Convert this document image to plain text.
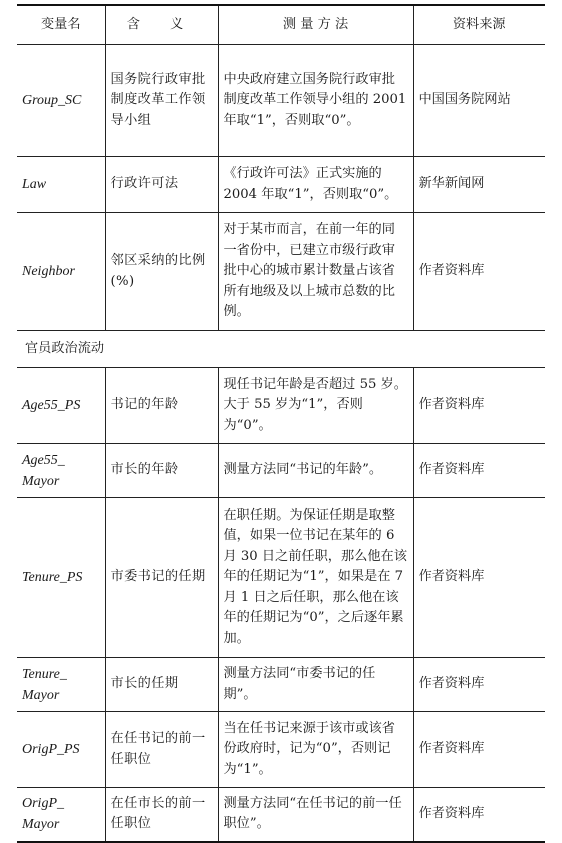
变量名	含 义	测 量 方 法	资料来源
Group_SC	国务院行政审批制度改革工作领导小组	中央政府建立国务院行政审批制度改革工作领导小组的 2001 年取“1”，否则取“0”。	中国国务院网站
Law	行政许可法	《行政许可法》正式实施的 2004 年取“1”，否则取“0”。	新华新闻网
Neighbor	邻区采纳的比例(%)	对于某市而言，在前一年的同一省份中，已建立市级行政审批中心的城市累计数量占该省所有地级及以上城市总数的比例。	作者资料库
官员政治流动			
Age55_PS	书记的年龄	现任书记年龄是否超过 55 岁。大于 55 岁为“1”，否则为“0”。	作者资料库
Age55_ Mayor	市长的年龄	测量方法同“书记的年龄”。	作者资料库
Tenure_PS	市委书记的任期	在职任期。为保证任期是取整值，如果一位书记在某年的 6 月 30 日之前任职，那么他在该年的任期记为“1”，如果是在 7 月 1 日之后任职，那么他在该年的任期记为“0”，之后逐年累加。	作者资料库
Tenure_ Mayor	市长的任期	测量方法同“市委书记的任期”。	作者资料库
OrigP_PS	在任书记的前一任职位	当在任书记来源于该市或该省份政府时，记为“0”，否则记为“1”。	作者资料库
OrigP_ Mayor	在任市长的前一任职位	测量方法同“在任书记的前一任职位”。	作者资料库
